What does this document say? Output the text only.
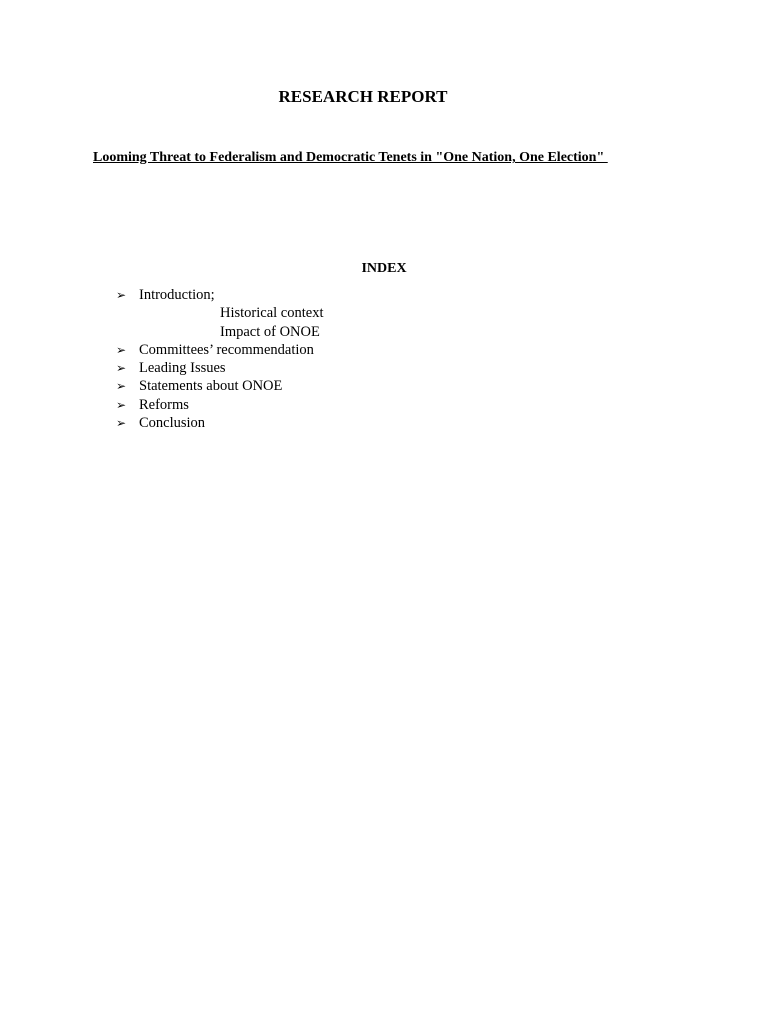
RESEARCH REPORT

Looming Threat to Federalism and Democratic Tenets in "One Nation, One Election"

INDEX
➢ Introduction;
Historical context
Impact of ONOE
➢ Committees’ recommendation
➢ Leading Issues
➢ Statements about ONOE
➢ Reforms
➢ Conclusion
